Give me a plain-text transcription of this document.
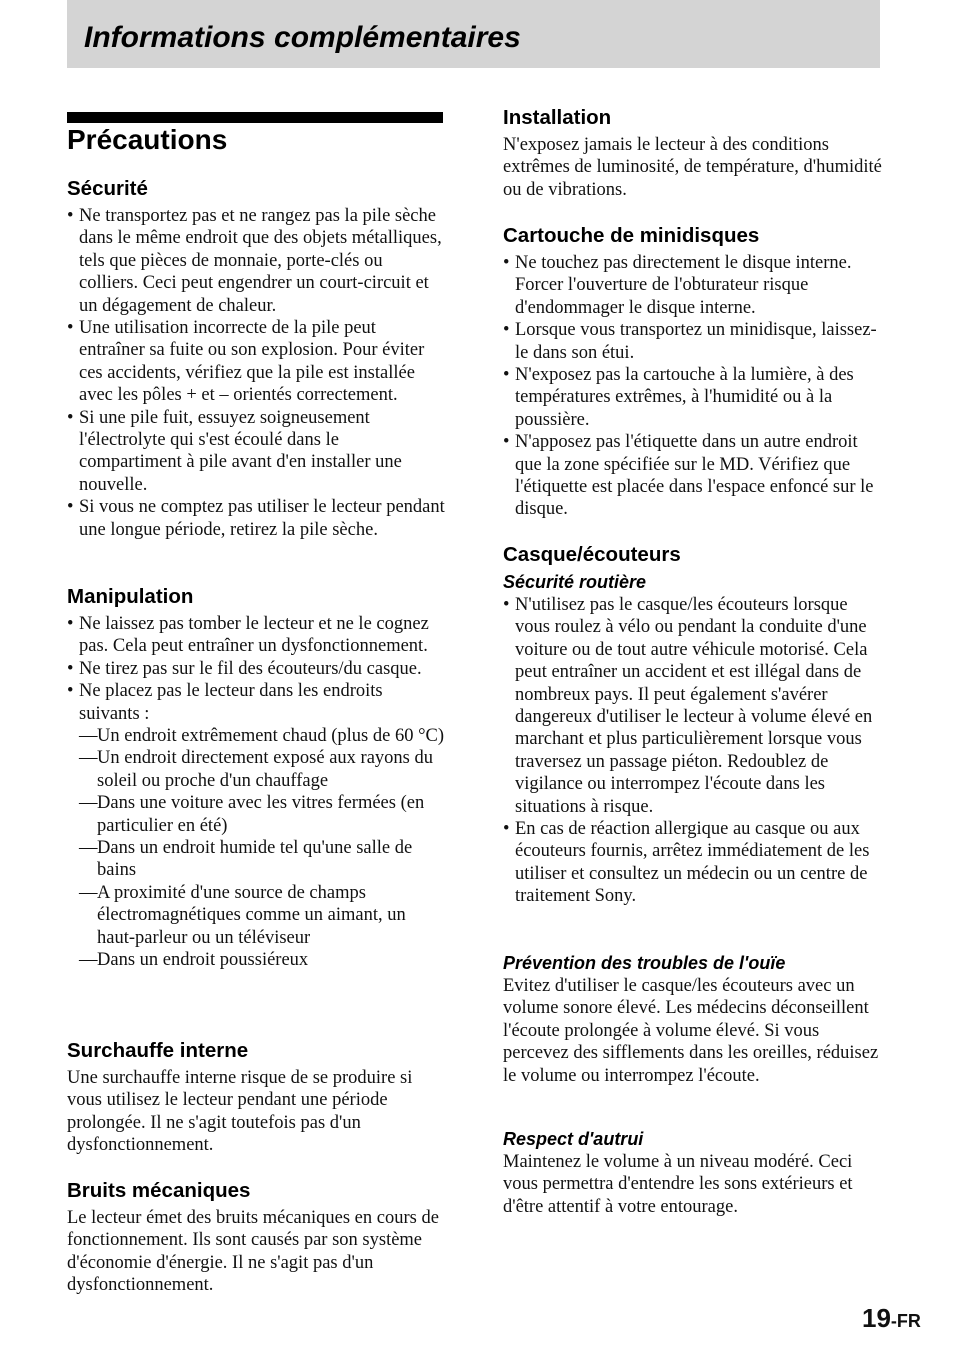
Informations complémentaires
Précautions
Sécurité
• Ne transportez pas et ne rangez pas la pile sèche dans le même endroit que des objets métalliques, tels que pièces de monnaie, porte-clés ou colliers. Ceci peut engendrer un court-circuit et un dégagement de chaleur.
• Une utilisation incorrecte de la pile peut entraîner sa fuite ou son explosion. Pour éviter ces accidents, vérifiez que la pile est installée avec les pôles + et – orientés correctement.
• Si une pile fuit, essuyez soigneusement l'électrolyte qui s'est écoulé dans le compartiment à pile avant d'en installer une nouvelle.
• Si vous ne comptez pas utiliser le lecteur pendant une longue période, retirez la pile sèche.
Manipulation
• Ne laissez pas tomber le lecteur et ne le cognez pas. Cela peut entraîner un dysfonctionnement.
• Ne tirez pas sur le fil des écouteurs/du casque.
• Ne placez pas le lecteur dans les endroits suivants :
— Un endroit extrêmement chaud (plus de 60 °C)
— Un endroit directement exposé aux rayons du soleil ou proche d'un chauffage
— Dans une voiture avec les vitres fermées (en particulier en été)
— Dans un endroit humide tel qu'une salle de bains
— A proximité d'une source de champs électromagnétiques comme un aimant, un haut-parleur ou un téléviseur
— Dans un endroit poussiéreux
Surchauffe interne

Une surchauffe interne risque de se produire si vous utilisez le lecteur pendant une période prolongée. Il ne s'agit toutefois pas d'un dysfonctionnement.

Bruits mécaniques

Le lecteur émet des bruits mécaniques en cours de fonctionnement. Ils sont causés par son système d'économie d'énergie. Il ne s'agit pas d'un dysfonctionnement.

Installation

N'exposez jamais le lecteur à des conditions extrêmes de luminosité, de température, d'humidité ou de vibrations.

Cartouche de minidisques
• Ne touchez pas directement le disque interne. Forcer l'ouverture de l'obturateur risque d'endommager le disque interne.
• Lorsque vous transportez un minidisque, laissez-le dans son étui.
• N'exposez pas la cartouche à la lumière, à des températures extrêmes, à l'humidité ou à la poussière.
• N'apposez pas l'étiquette dans un autre endroit que la zone spécifiée sur le MD. Vérifiez que l'étiquette est placée dans l'espace enfoncé sur le disque.
Casque/écouteurs
Sécurité routière
• N'utilisez pas le casque/les écouteurs lorsque vous roulez à vélo ou pendant la conduite d'une voiture ou de tout autre véhicule motorisé. Cela peut entraîner un accident et est illégal dans de nombreux pays. Il peut également s'avérer dangereux d'utiliser le lecteur à volume élevé en marchant et plus particulièrement lorsque vous traversez un passage piéton. Redoublez de vigilance ou interrompez l'écoute dans les situations à risque.
• En cas de réaction allergique au casque ou aux écouteurs fournis, arrêtez immédiatement de les utiliser et consultez un médecin ou un centre de traitement Sony.
Prévention des troubles de l'ouïe

Evitez d'utiliser le casque/les écouteurs avec un volume sonore élevé. Les médecins déconseillent l'écoute prolongée à volume élevé. Si vous percevez des sifflements dans les oreilles, réduisez le volume ou interrompez l'écoute.

Respect d'autrui

Maintenez le volume à un niveau modéré. Ceci vous permettra d'entendre les sons extérieurs et d'être attentif à votre entourage.

19-FR
